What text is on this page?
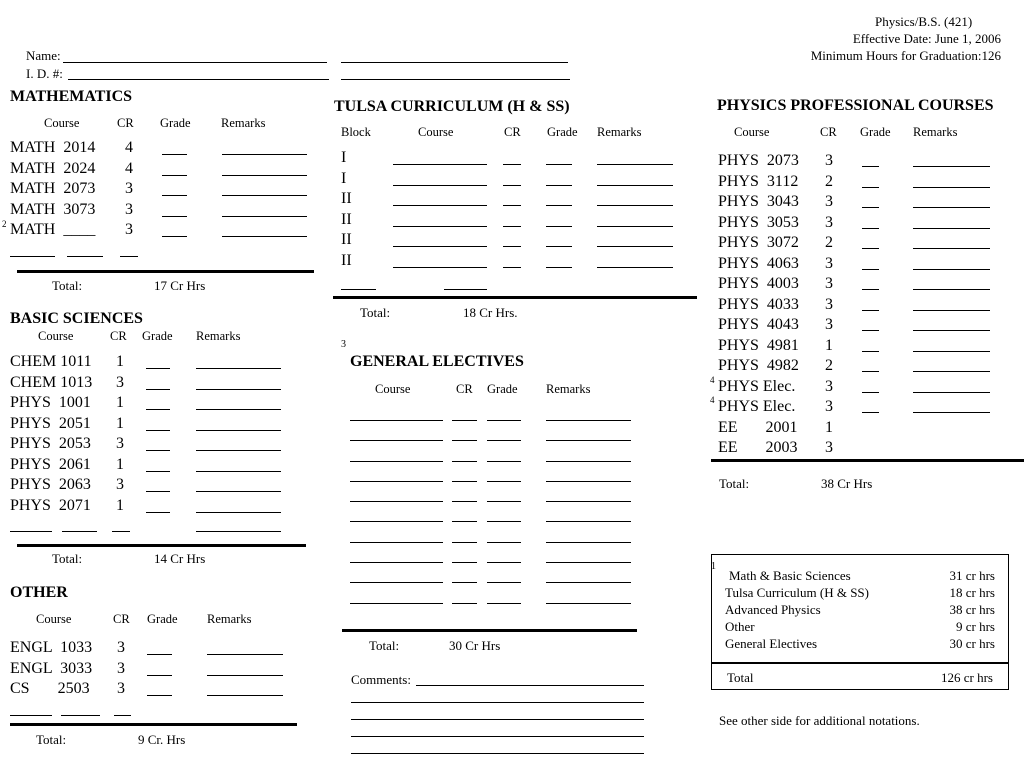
Physics/B.S. (421)
Effective Date: June 1, 2006
Minimum Hours for Graduation:126
Name:
I. D. #:
MATHEMATICS
Course	CR Grade Remarks
MATH  2014 4
MATH  2024 4
MATH  2073 3
MATH  3073 3
2 MATH  ____ 3
Total:	17 Cr Hrs
BASIC SCIENCES
Course	CR Grade Remarks
CHEM 1011 1
CHEM 1013 3
PHYS  1001 1
PHYS  2051 1
PHYS  2053 3
PHYS  2061 1
PHYS  2063 3
PHYS  2071 1
Total:	14 Cr Hrs
OTHER
Course	CR Grade Remarks
ENGL  1033 3
ENGL  3033 3
CS       2503 3
Total:	9 Cr. Hrs
TULSA CURRICULUM (H & SS)
Block	Course	CR Grade Remarks
I
I
II
II
II
II
Total:	18 Cr Hrs.
3
GENERAL ELECTIVES
Course	CR Grade Remarks
Total:	30 Cr Hrs
Comments:
PHYSICS PROFESSIONAL COURSES
Course	CR Grade Remarks
PHYS  2073 3
PHYS  3112 2
PHYS  3043 3
PHYS  3053 3
PHYS  3072 2
PHYS  4063 3
PHYS  4003 3
PHYS  4033 3
PHYS  4043 3
PHYS  4981 1
PHYS  4982 2
4 PHYS Elec. 3
4 PHYS Elec. 3
EE       2001 1
EE       2003 3
Total:	38 Cr Hrs
1
Math & Basic Sciences	31 cr hrs
Tulsa Curriculum (H & SS)	18 cr hrs
Advanced Physics	38 cr hrs
Other	9 cr hrs
General Electives	30 cr hrs
Total	126 cr hrs
See other side for additional notations.
